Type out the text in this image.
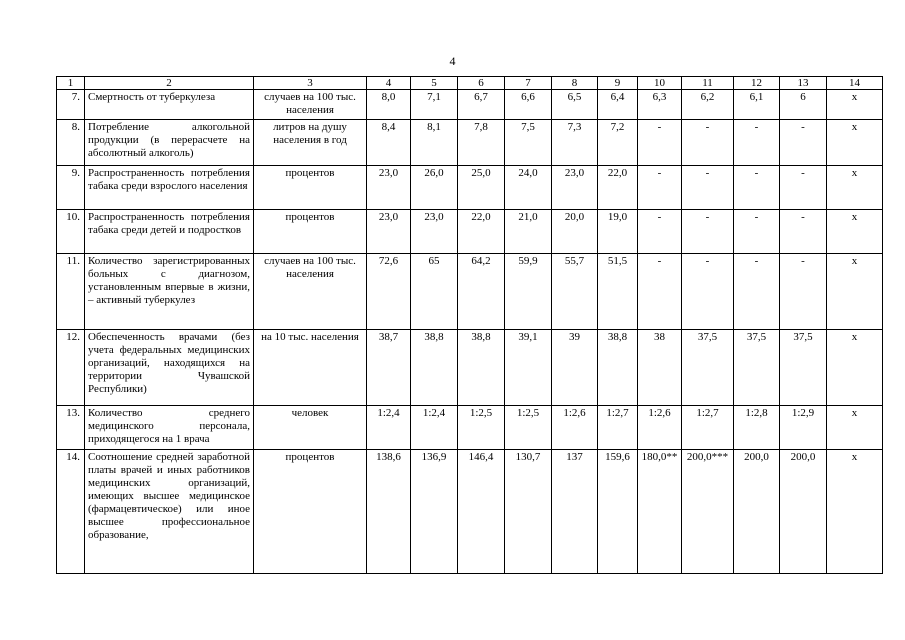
4
1	2	3	4	5	6	7	8	9	10	11	12	13	14
7.	Смертность от туберкулеза	случаев на 100 тыс. населения	8,0	7,1	6,7	6,6	6,5	6,4	6,3	6,2	6,1	6	х
8.	Потребление алкогольной продукции (в перерасчете на абсолютный алкоголь)	литров на душу населения в год	8,4	8,1	7,8	7,5	7,3	7,2	-	-	-	-	х
9.	Распространенность потребления табака среди взрослого населения	процентов	23,0	26,0	25,0	24,0	23,0	22,0	-	-	-	-	х
10.	Распространенность потребления табака среди детей и подростков	процентов	23,0	23,0	22,0	21,0	20,0	19,0	-	-	-	-	х
11.	Количество зарегистрированных больных с диагнозом, установленным впервые в жизни, – активный туберкулез	случаев на 100 тыс. населения	72,6	65	64,2	59,9	55,7	51,5	-	-	-	-	х
12.	Обеспеченность врачами (без учета федеральных медицинских организаций, находящихся на территории Чувашской Республики)	на 10 тыс. населения	38,7	38,8	38,8	39,1	39	38,8	38	37,5	37,5	37,5	х
13.	Количество среднего медицинского персонала, приходящегося на 1 врача	человек	1:2,4	1:2,4	1:2,5	1:2,5	1:2,6	1:2,7	1:2,6	1:2,7	1:2,8	1:2,9	х
14.	Соотношение средней заработной платы врачей и иных работников медицинских организаций, имеющих высшее медицинское (фармацевтическое) или иное высшее профессиональное образование,	процентов	138,6	136,9	146,4	130,7	137	159,6	180,0**	200,0***	200,0	200,0	х
